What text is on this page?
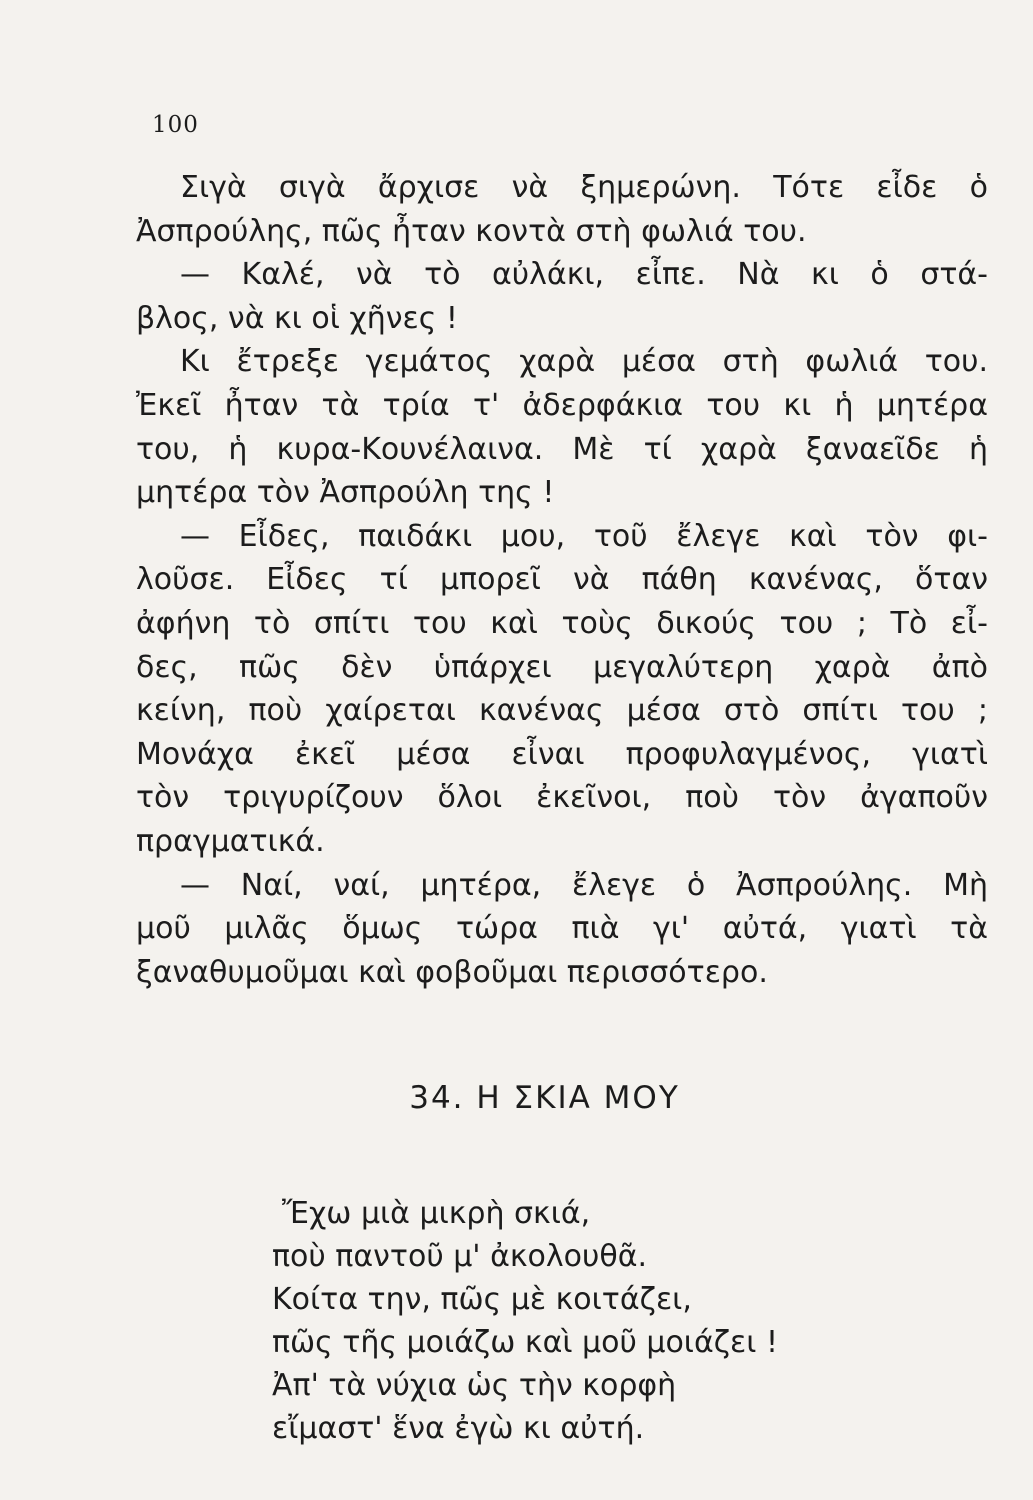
100
Σιγὰ σιγὰ ἄρχισε νὰ ξημερώνη. Τότε εἶδε ὁ
Ἀσπρούλης, πῶς ἦταν κοντὰ στὴ φωλιά του.
— Καλέ, νὰ τὸ αὐλάκι, εἶπε. Νὰ κι ὁ στά-
βλος, νὰ κι οἱ χῆνες !
Κι ἔτρεξε γεμάτος χαρὰ μέσα στὴ φωλιά του.
Ἐκεῖ ἦταν τὰ τρία τ' ἀδερφάκια του κι ἡ μητέρα
του, ἡ κυρα-Κουνέλαινα. Μὲ τί χαρὰ ξαναεῖδε ἡ
μητέρα τὸν Ἀσπρούλη της !
— Εἶδες, παιδάκι μου, τοῦ ἔλεγε καὶ τὸν φι-
λοῦσε. Εἶδες τί μπορεῖ νὰ πάθη κανένας, ὅταν
ἀφήνη τὸ σπίτι του καὶ τοὺς δικούς του ; Τὸ εἶ-
δες, πῶς δὲν ὑπάρχει μεγαλύτερη χαρὰ ἀπὸ
κείνη, ποὺ χαίρεται κανένας μέσα στὸ σπίτι του ;
Μονάχα ἐκεῖ μέσα εἶναι προφυλαγμένος, γιατὶ
τὸν τριγυρίζουν ὅλοι ἐκεῖνοι, ποὺ τὸν ἀγαποῦν
πραγματικά.
— Ναί, ναί, μητέρα, ἔλεγε ὁ Ἀσπρούλης. Μὴ
μοῦ μιλᾶς ὅμως τώρα πιὰ γι' αὐτά, γιατὶ τὰ
ξαναθυμοῦμαι καὶ φοβοῦμαι περισσότερο.
34. Η ΣΚΙΑ ΜΟΥ
Ἔχω μιὰ μικρὴ σκιά,
ποὺ παντοῦ μ' ἀκολουθᾶ.
Κοίτα την, πῶς μὲ κοιτάζει,
πῶς τῆς μοιάζω καὶ μοῦ μοιάζει !
Ἀπ' τὰ νύχια ὡς τὴν κορφὴ
εἴμαστ' ἕνα ἐγὼ κι αὐτή.
